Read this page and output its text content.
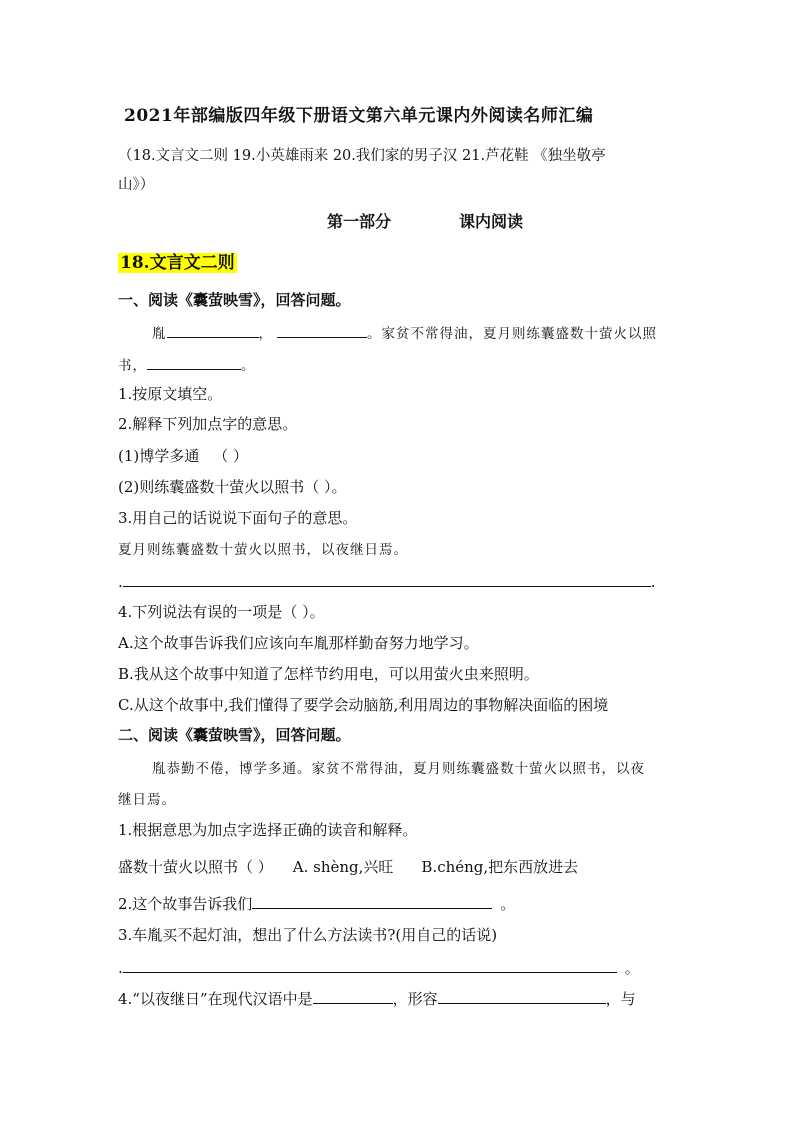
2021年部编版四年级下册语文第六单元课内外阅读名师汇编
（18.文言文二则 19.小英雄雨来 20.我们家的男子汉 21.芦花鞋 《独坐敬亭
山》）
第一部分	课内阅读
18.文言文二则
一、阅读《囊萤映雪》，回答问题。
胤	，	。家贫不常得油，夏月则练囊盛数十萤火以照
书，	。
1.按原文填空。
2.解释下列加点字的意思。
(1)博学多通 （ ）
(2)则练囊盛数十萤火以照书（ ）。
3.用自己的话说说下面句子的意思。
夏月则练囊盛数十萤火以照书，以夜继日焉。
.	.
4.下列说法有误的一项是（ ）。
A.这个故事告诉我们应该向车胤那样勤奋努力地学习。
B.我从这个故事中知道了怎样节约用电，可以用萤火虫来照明。
C.从这个故事中,我们懂得了要学会动脑筋,利用周边的事物解决面临的困境
二、阅读《囊萤映雪》，回答问题。
胤恭勤不倦，博学多通。家贫不常得油，夏月则练囊盛数十萤火以照书，以夜
继日焉。
1.根据意思为加点字选择正确的读音和解释。
盛数十萤火以照书（ ） A. shèng,兴旺 B.chéng,把东西放进去
2.这个故事告诉我们	。
3.车胤买不起灯油，想出了什么方法读书?(用自己的话说)
.	。
4.“以夜继日”在现代汉语中是	，形容	，与
